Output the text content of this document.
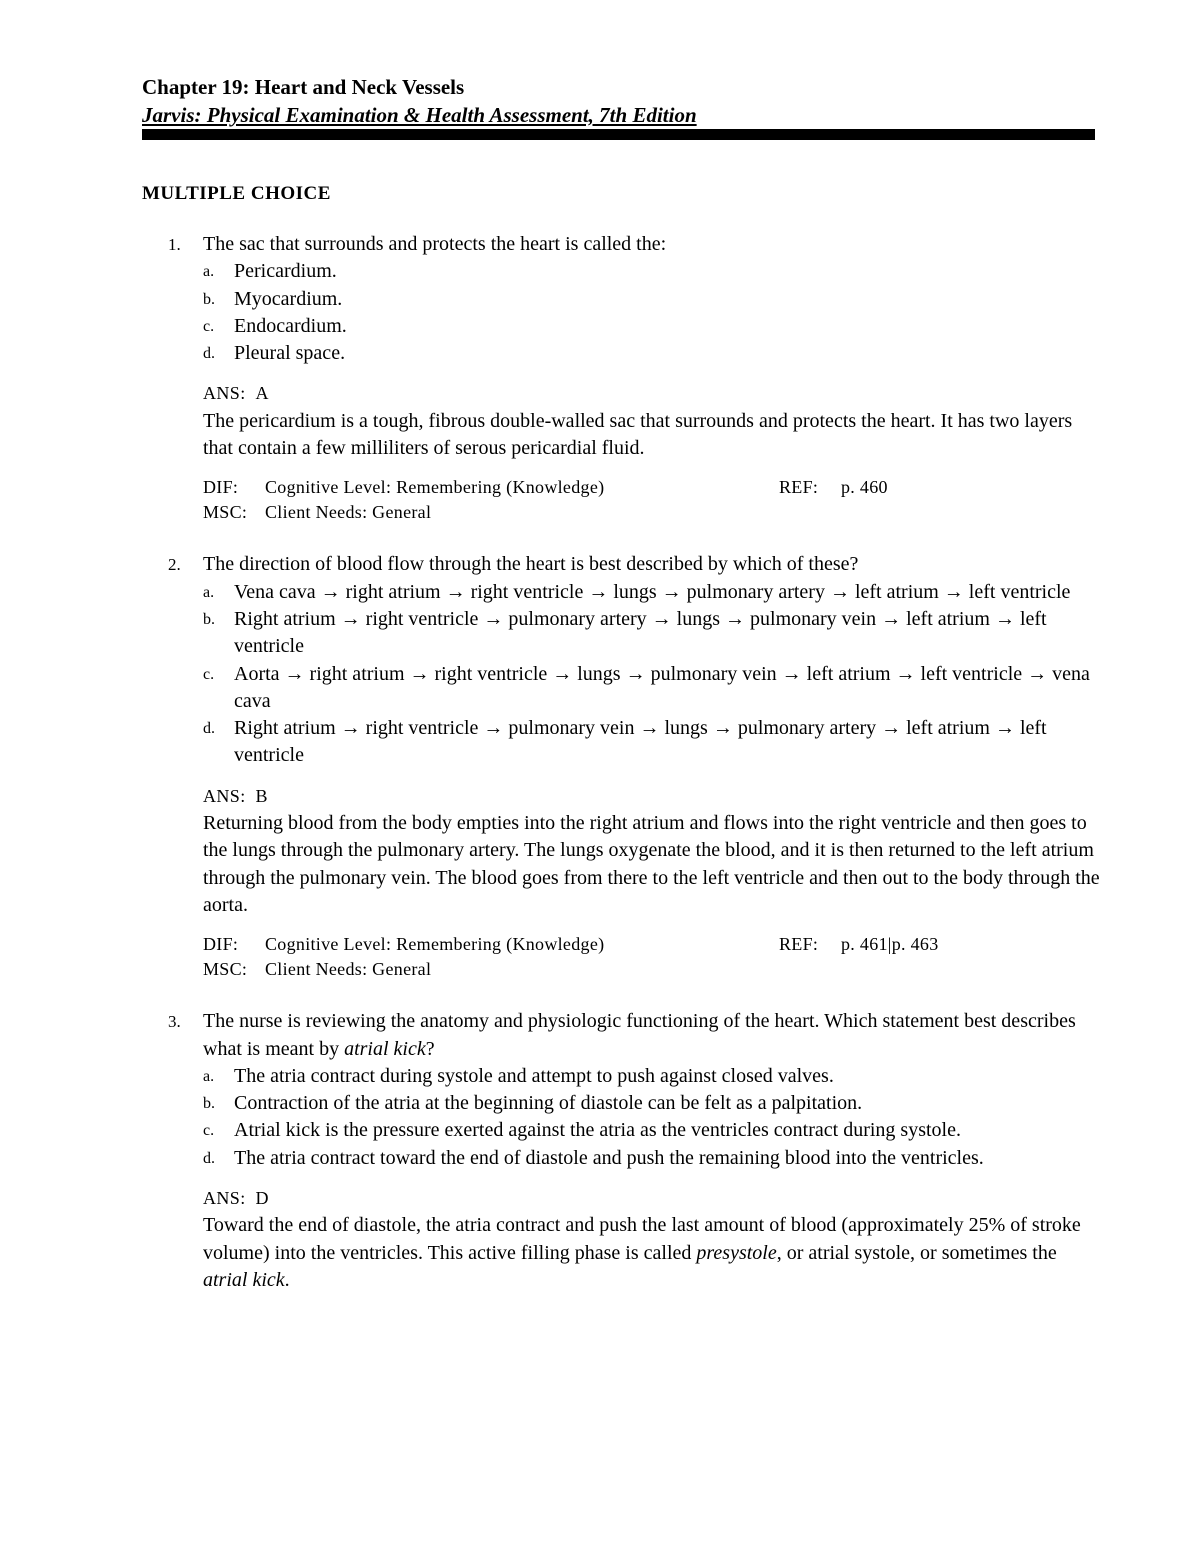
Chapter 19: Heart and Neck Vessels
Jarvis: Physical Examination & Health Assessment, 7th Edition
MULTIPLE CHOICE
1.	The sac that surrounds and protects the heart is called the:
a. Pericardium.
b. Myocardium.
c. Endocardium.
d. Pleural space.
ANS: A
The pericardium is a tough, fibrous double-walled sac that surrounds and protects the heart. It has two layers that contain a few milliliters of serous pericardial fluid.
DIF: Cognitive Level: Remembering (Knowledge)	REF: p. 460
MSC: Client Needs: General
2.	The direction of blood flow through the heart is best described by which of these?
a. Vena cava → right atrium → right ventricle → lungs → pulmonary artery → left atrium → left ventricle
b. Right atrium → right ventricle → pulmonary artery → lungs → pulmonary vein → left atrium → left ventricle
c. Aorta → right atrium → right ventricle → lungs → pulmonary vein → left atrium → left ventricle → vena cava
d. Right atrium → right ventricle → pulmonary vein → lungs → pulmonary artery → left atrium → left ventricle
ANS: B
Returning blood from the body empties into the right atrium and flows into the right ventricle and then goes to the lungs through the pulmonary artery. The lungs oxygenate the blood, and it is then returned to the left atrium through the pulmonary vein. The blood goes from there to the left ventricle and then out to the body through the aorta.
DIF: Cognitive Level: Remembering (Knowledge)	REF: p. 461|p. 463
MSC: Client Needs: General
3.	The nurse is reviewing the anatomy and physiologic functioning of the heart. Which statement best describes what is meant by atrial kick?
a. The atria contract during systole and attempt to push against closed valves.
b. Contraction of the atria at the beginning of diastole can be felt as a palpitation.
c. Atrial kick is the pressure exerted against the atria as the ventricles contract during systole.
d. The atria contract toward the end of diastole and push the remaining blood into the ventricles.
ANS: D
Toward the end of diastole, the atria contract and push the last amount of blood (approximately 25% of stroke volume) into the ventricles. This active filling phase is called presystole, or atrial systole, or sometimes the atrial kick.
